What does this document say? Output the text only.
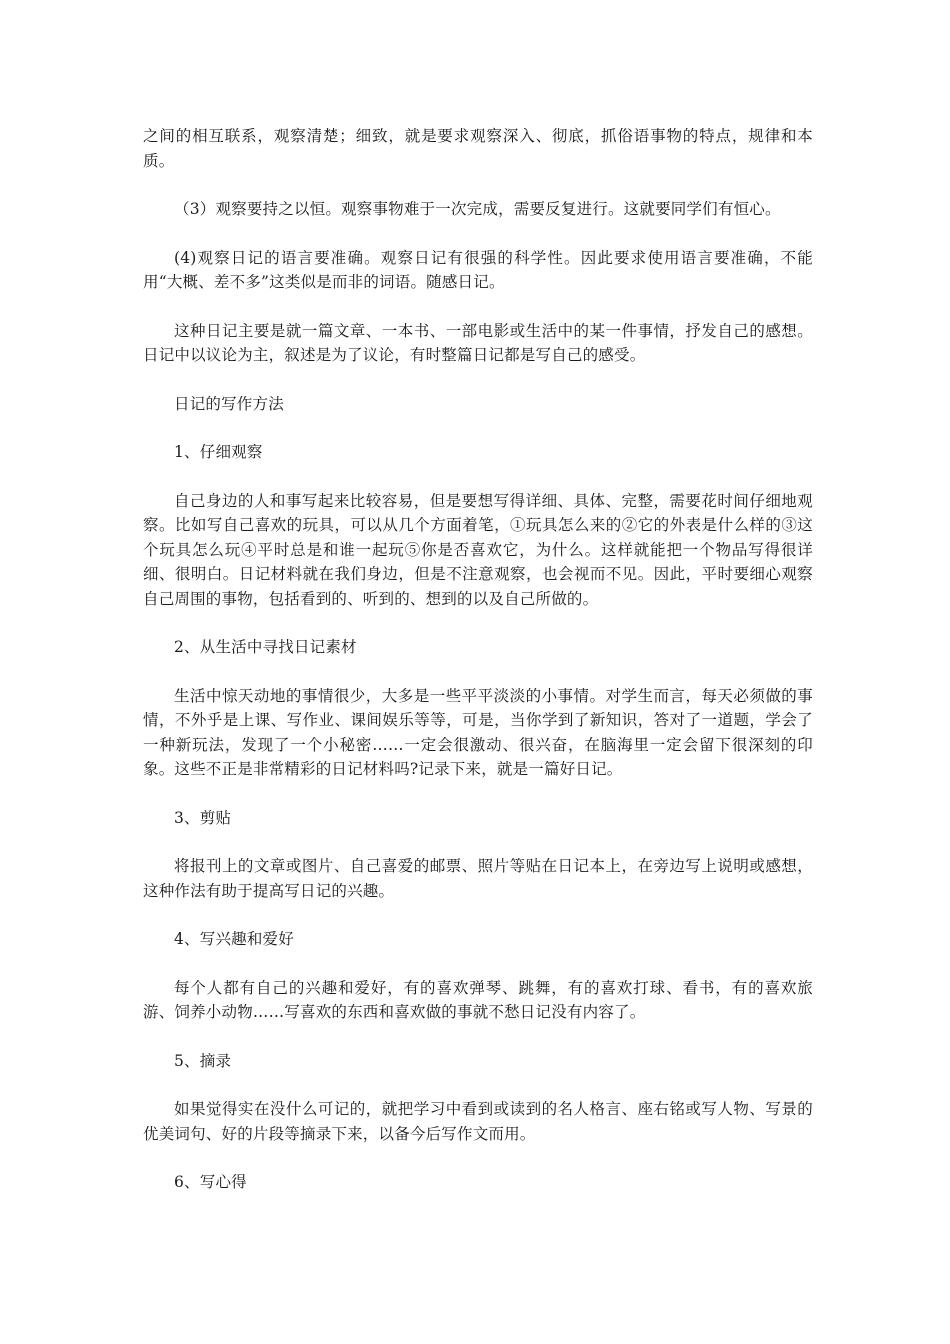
之间的相互联系，观察清楚；细致，就是要求观察深入、彻底，抓俗语事物的特点，规律和本质。

（3）观察要持之以恒。观察事物难于一次完成，需要反复进行。这就要同学们有恒心。

(4)观察日记的语言要准确。观察日记有很强的科学性。因此要求使用语言要准确，不能用“大概、差不多”这类似是而非的词语。随感日记。

这种日记主要是就一篇文章、一本书、一部电影或生活中的某一件事情，抒发自己的感想。日记中以议论为主，叙述是为了议论，有时整篇日记都是写自己的感受。

日记的写作方法

1、仔细观察

自己身边的人和事写起来比较容易，但是要想写得详细、具体、完整，需要花时间仔细地观察。比如写自己喜欢的玩具，可以从几个方面着笔，①玩具怎么来的②它的外表是什么样的③这个玩具怎么玩④平时总是和谁一起玩⑤你是否喜欢它，为什么。这样就能把一个物品写得很详细、很明白。日记材料就在我们身边，但是不注意观察，也会视而不见。因此，平时要细心观察自己周围的事物，包括看到的、听到的、想到的以及自己所做的。

2、从生活中寻找日记素材

生活中惊天动地的事情很少，大多是一些平平淡淡的小事情。对学生而言，每天必须做的事情，不外乎是上课、写作业、课间娱乐等等，可是，当你学到了新知识，答对了一道题，学会了一种新玩法，发现了一个小秘密……一定会很激动、很兴奋，在脑海里一定会留下很深刻的印象。这些不正是非常精彩的日记材料吗?记录下来，就是一篇好日记。

3、剪贴

将报刊上的文章或图片、自己喜爱的邮票、照片等贴在日记本上，在旁边写上说明或感想，这种作法有助于提高写日记的兴趣。

4、写兴趣和爱好

每个人都有自己的兴趣和爱好，有的喜欢弹琴、跳舞，有的喜欢打球、看书，有的喜欢旅游、饲养小动物……写喜欢的东西和喜欢做的事就不愁日记没有内容了。

5、摘录

如果觉得实在没什么可记的，就把学习中看到或读到的名人格言、座右铭或写人物、写景的优美词句、好的片段等摘录下来，以备今后写作文而用。

6、写心得
